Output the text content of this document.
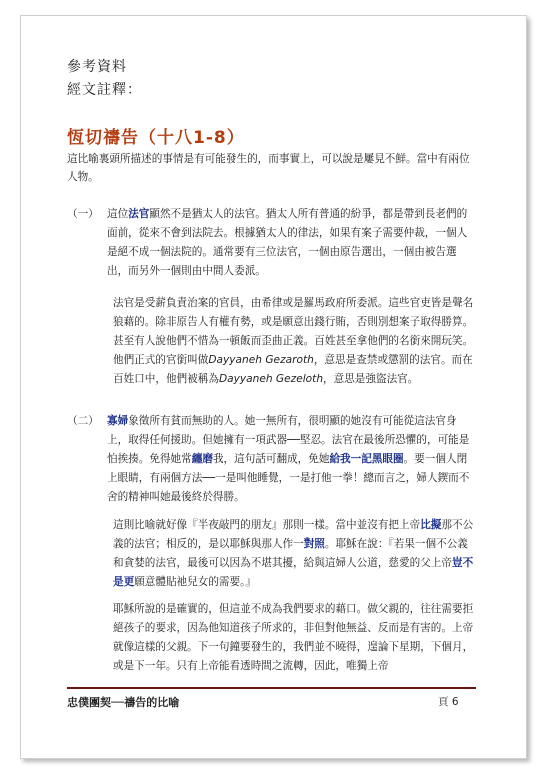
參考資料
經文註釋：
恆切禱告（十八1-8）

這比喻裏頭所描述的事情是有可能發生的，而事實上，可以說是屢見不鮮。當中有兩位人物。

（一） 這位法官顯然不是猶太人的法官。猶太人所有普通的紛爭，都是帶到長老們的面前，從來不會到法院去。根據猶太人的律法，如果有案子需要仲裁，一個人是絕不成一個法院的。通常要有三位法官，一個由原告選出，一個由被告選出，而另外一個則由中間人委派。

法官是受薪負責治案的官員，由希律或是羅馬政府所委派。這些官吏皆是聲名狼藉的。除非原告人有權有勢，或是願意出錢行賄，否則別想案子取得勝算。甚至有人說他們不惜為一頓飯而歪曲正義。百姓甚至拿他們的名銜來開玩笑。他們正式的官銜叫做Dayyaneh Gezaroth，意思是查禁或懲罰的法官。而在百姓口中，他們被稱為Dayyaneh Gezeloth，意思是強盜法官。

（二） 寡婦象徵所有貧而無助的人。她一無所有，很明顯的她沒有可能從這法官身上，取得任何援助。但她擁有一項武器──堅忍。法官在最後所恐懼的，可能是怕挨揍。免得她常纏磨我，這句話可翻成，免她給我一記黑眼圈。要一個人閉上眼睛，有兩個方法──一是叫他睡覺，一是打他一拳！總而言之，婦人鍥而不舍的精神叫她最後終於得勝。

這則比喻就好像『半夜敲門的朋友』那則一樣。當中並沒有把上帝比擬那不公義的法官；相反的，是以耶穌與那人作一對照。耶穌在說：『若果一個不公義和貪婪的法官，最後可以因為不堪其擾，給與這婦人公道，慈愛的父上帝豈不是更願意體貼祂兒女的需要。』

耶穌所說的是確實的，但這並不成為我們要求的藉口。做父親的，往往需要拒絕孩子的要求，因為他知道孩子所求的，非但對他無益、反而是有害的。上帝就像這樣的父親。下一句鐘要發生的，我們並不曉得，遑論下星期，下個月，或是下一年。只有上帝能看透時間之流轉，因此，唯獨上帝

忠僕團契──禱告的比喻	頁 6
